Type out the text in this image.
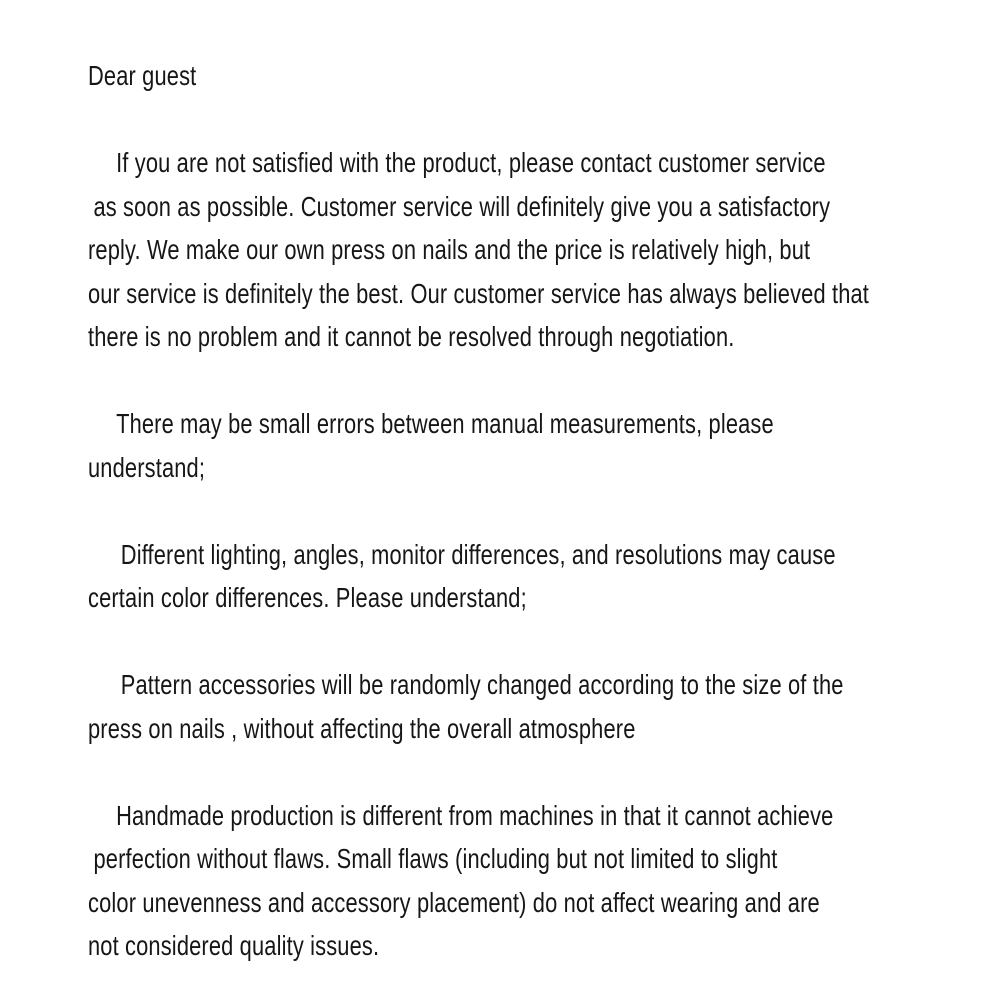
Dear guest
If you are not satisfied with the product, please contact customer service
as soon as possible. Customer service will definitely give you a satisfactory
reply. We make our own press on nails and the price is relatively high, but
our service is definitely the best. Our customer service has always believed that
there is no problem and it cannot be resolved through negotiation.
There may be small errors between manual measurements, please
understand;
Different lighting, angles, monitor differences, and resolutions may cause
certain color differences. Please understand;
Pattern accessories will be randomly changed according to the size of the
press on nails , without affecting the overall atmosphere
Handmade production is different from machines in that it cannot achieve
perfection without flaws. Small flaws (including but not limited to slight
color unevenness and accessory placement) do not affect wearing and are
not considered quality issues.
